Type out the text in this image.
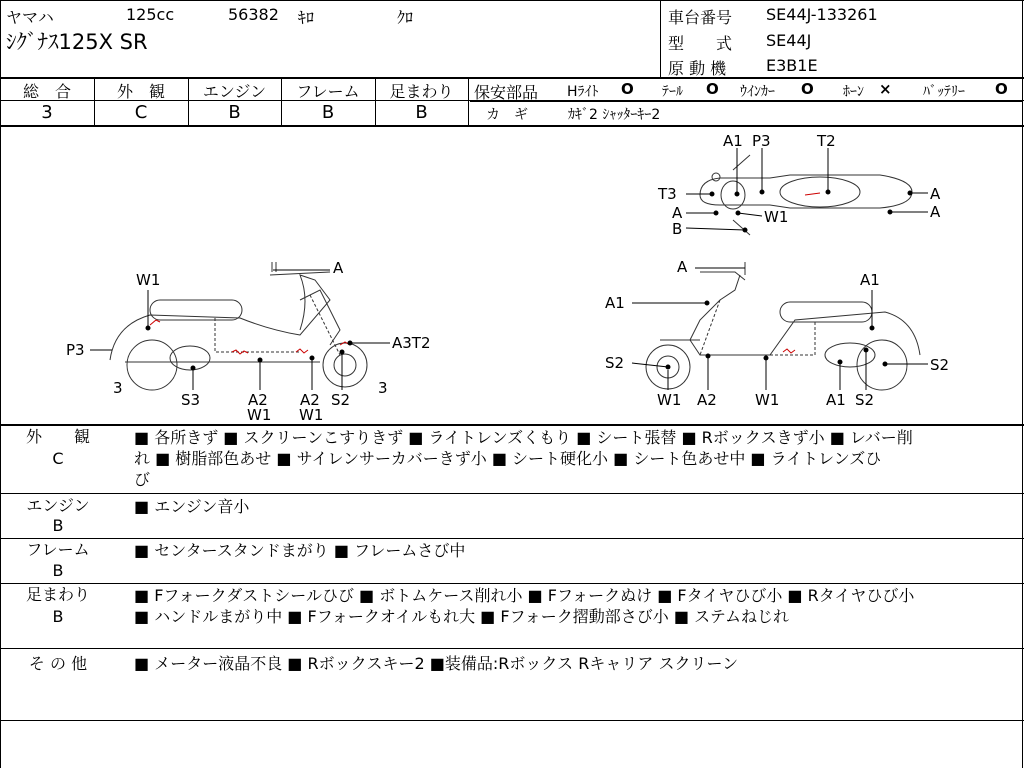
ヤマハ	125cc	56382 ｷﾛ	ｸﾛ
ｼｸﾞﾅｽ125X SR
車台番号 SE44J-133261
型　　式 SE44J
原 動 機 E3B1E
総　合
3
外　観
C
エンジン
B
フレーム
B
足まわり
B
保安部品 Hﾗｲﾄ O ﾃｰﾙ O ｳｲﾝｶｰ O ﾎｰﾝ × ﾊﾞｯﾃﾘｰ O
カ　ギ	ｶｷﾞ2 ｼｬｯﾀｰｷｰ2
W1
A
P3	A3T2
3	3
S3	A2
W1
A2
W1
S2
A1 P3	T2
T3
A	W1
B
A
A
A
A1
A1
S2	S2
W1 A2	W1	A1 S2
外　　観
C
■ 各所きず ■ スクリーンこすりきず ■ ライトレンズくもり ■ シート張替 ■ Rボックスきず小 ■ レバー削
れ ■ 樹脂部色あせ ■ サイレンサーカバーきず小 ■ シート硬化小 ■ シート色あせ中 ■ ライトレンズひ
び
エンジン
B
■ エンジン音小
フレーム
B
■ センタースタンドまがり ■ フレームさび中
足まわり
B
■ Fフォークダストシールひび ■ ボトムケース削れ小 ■ Fフォークぬけ ■ Fタイヤひび小 ■ Rタイヤひび小
■ ハンドルまがり中 ■ Fフォークオイルもれ大 ■ Fフォーク摺動部さび小 ■ ステムねじれ
そ の 他	■ メーター液晶不良 ■ Rボックスキー2 ■装備品:Rボックス Rキャリア スクリーン
